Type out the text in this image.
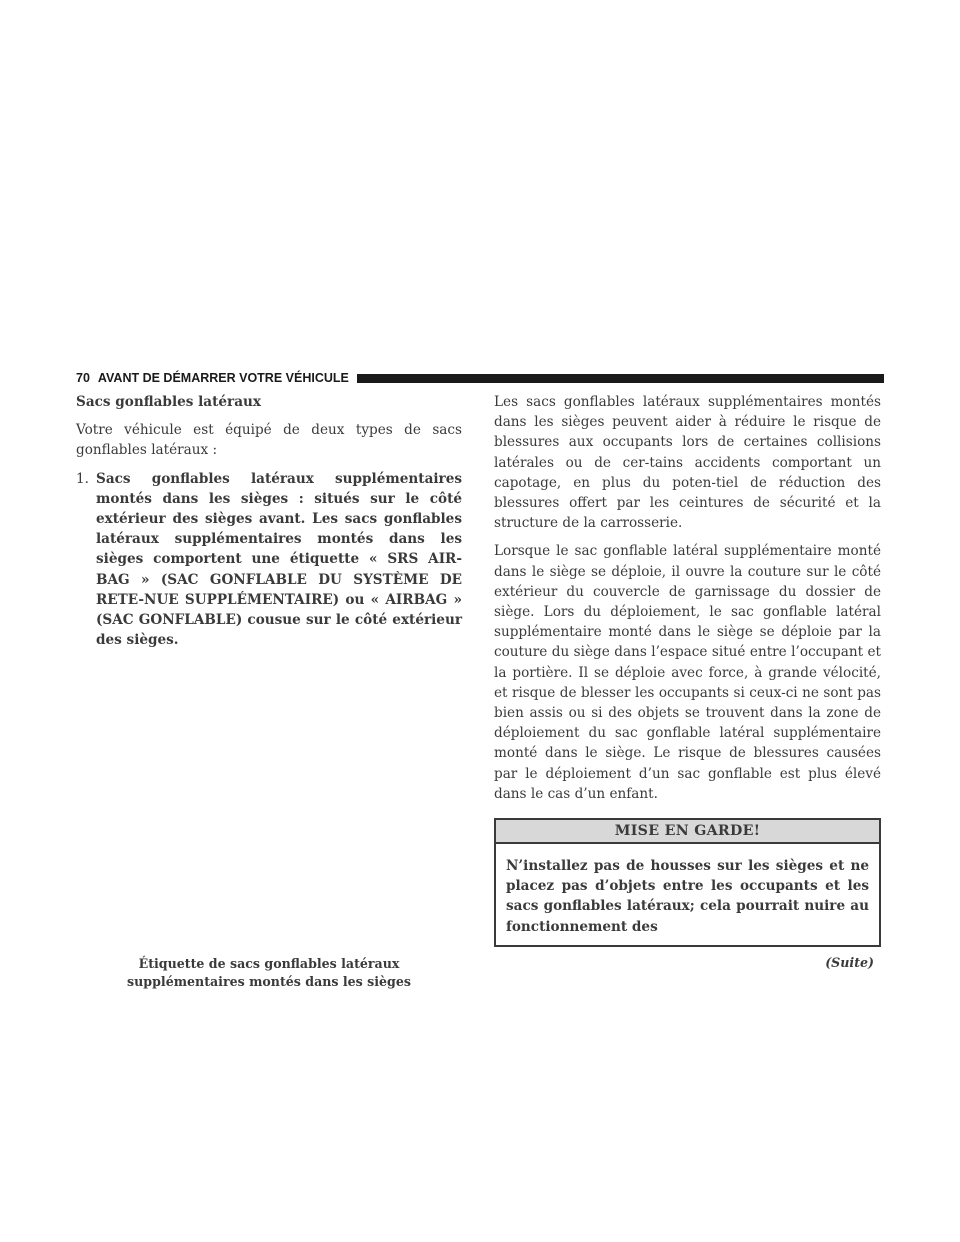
70 AVANT DE DÉMARRER VOTRE VÉHICULE
Sacs gonflables latéraux

Votre véhicule est équipé de deux types de sacs gonflables latéraux :

1. Sacs gonflables latéraux supplémentaires montés dans les sièges : situés sur le côté extérieur des sièges avant. Les sacs gonflables latéraux supplémentaires montés dans les sièges comportent une étiquette « SRS AIR-BAG » (SAC GONFLABLE DU SYSTÈME DE RETE-NUE SUPPLÉMENTAIRE) ou « AIRBAG » (SAC GONFLABLE) cousue sur le côté extérieur des sièges.
Étiquette de sacs gonflables latéraux supplémentaires montés dans les sièges

Les sacs gonflables latéraux supplémentaires montés dans les sièges peuvent aider à réduire le risque de blessures aux occupants lors de certaines collisions latérales ou de cer-tains accidents comportant un capotage, en plus du poten-tiel de réduction des blessures offert par les ceintures de sécurité et la structure de la carrosserie.

Lorsque le sac gonflable latéral supplémentaire monté dans le siège se déploie, il ouvre la couture sur le côté extérieur du couvercle de garnissage du dossier de siège. Lors du déploiement, le sac gonflable latéral supplémentaire monté dans le siège se déploie par la couture du siège dans l’espace situé entre l’occupant et la portière. Il se déploie avec force, à grande vélocité, et risque de blesser les occupants si ceux-ci ne sont pas bien assis ou si des objets se trouvent dans la zone de déploiement du sac gonflable latéral supplémentaire monté dans le siège. Le risque de blessures causées par le déploiement d’un sac gonflable est plus élevé dans le cas d’un enfant.

MISE EN GARDE!
N’installez pas de housses sur les sièges et ne placez pas d’objets entre les occupants et les sacs gonflables latéraux; cela pourrait nuire au fonctionnement des
(Suite)
